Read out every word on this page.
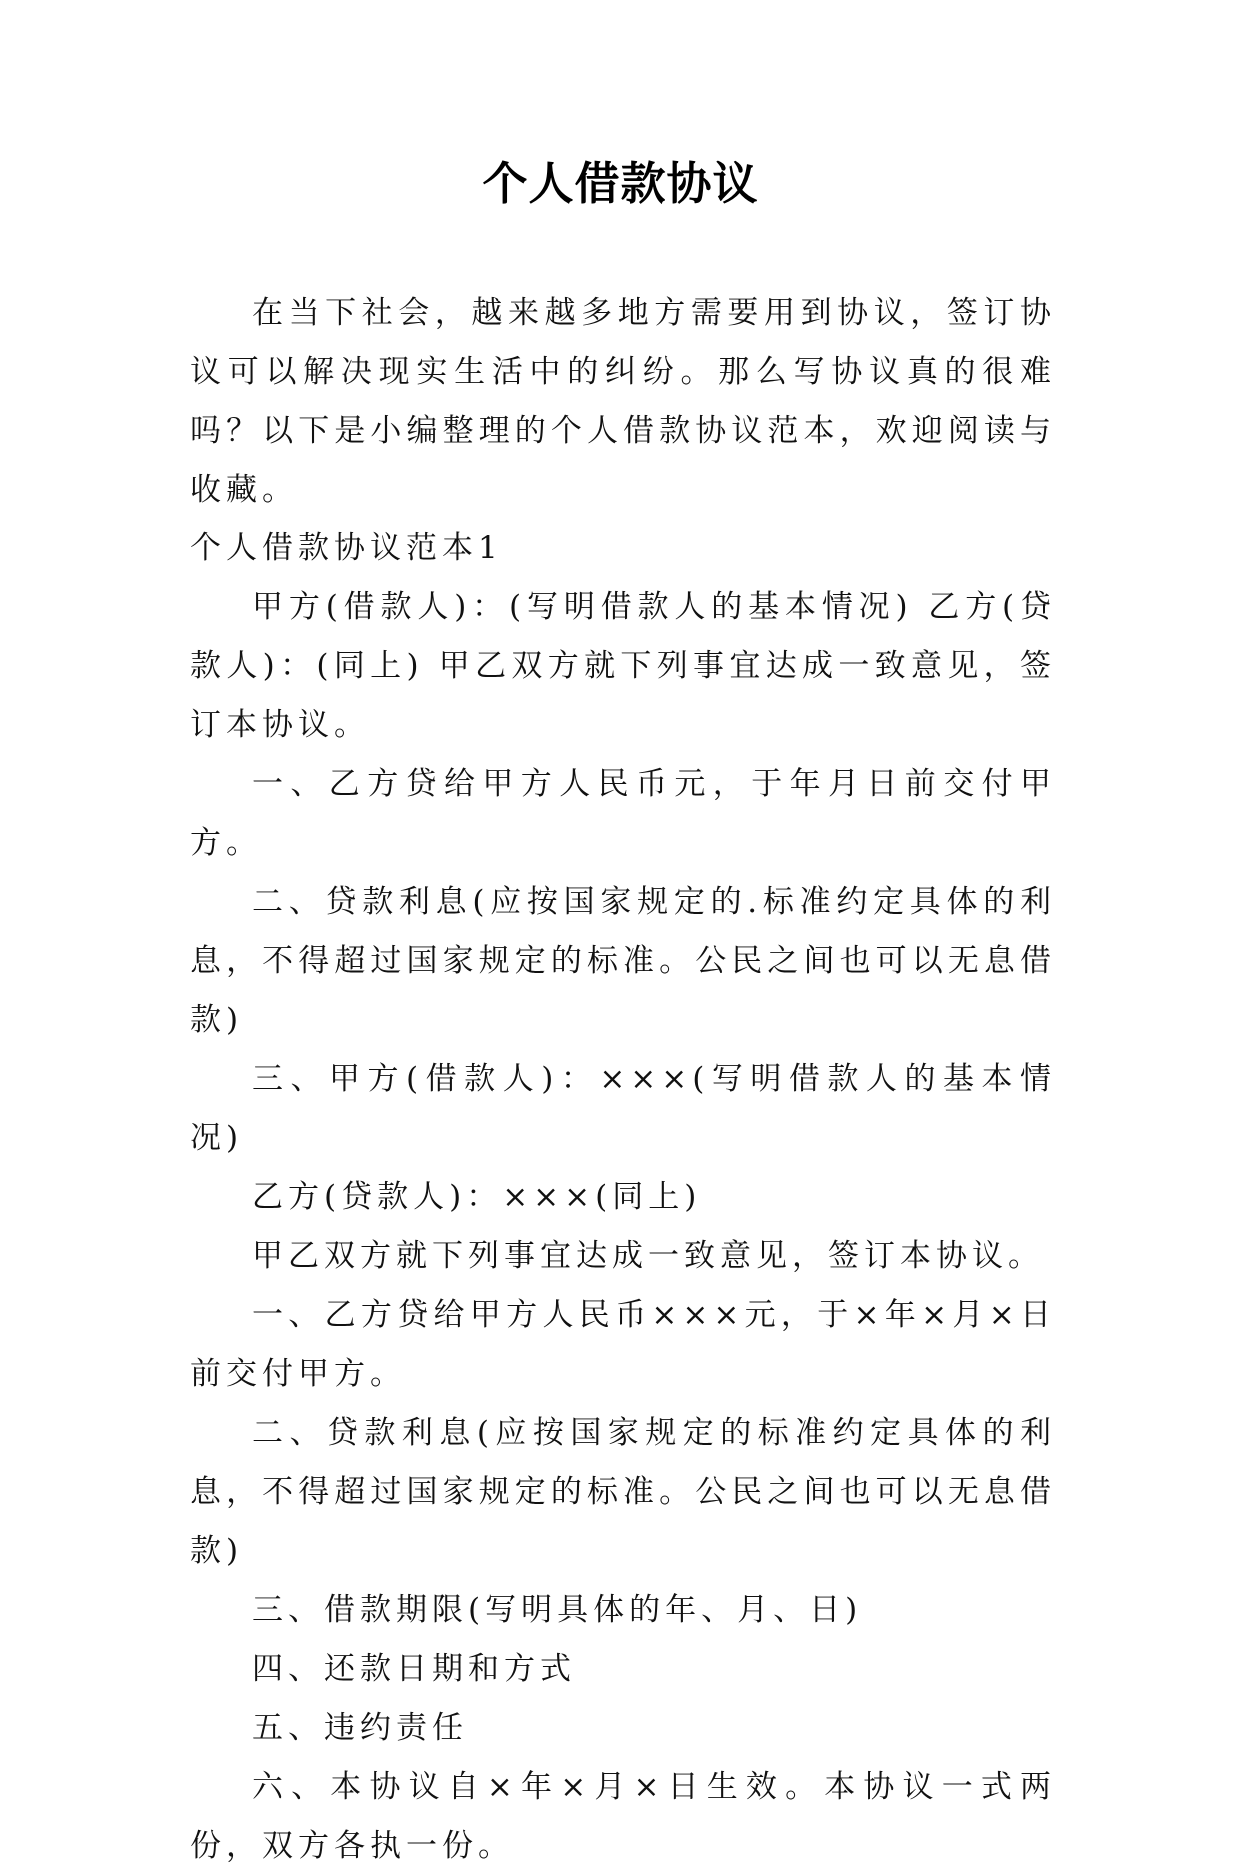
个人借款协议

在当下社会，越来越多地方需要用到协议，签订协议可以解决现实生活中的纠纷。那么写协议真的很难吗？以下是小编整理的个人借款协议范本，欢迎阅读与收藏。

个人借款协议范本1

甲方(借款人)：(写明借款人的基本情况) 乙方(贷款人)：(同上) 甲乙双方就下列事宜达成一致意见，签订本协议。

一、乙方贷给甲方人民币元，于年月日前交付甲方。

二、贷款利息(应按国家规定的.标准约定具体的利息，不得超过国家规定的标准。公民之间也可以无息借款)

三、甲方(借款人)：×××(写明借款人的基本情况)

乙方(贷款人)：×××(同上)

甲乙双方就下列事宜达成一致意见，签订本协议。

一、乙方贷给甲方人民币×××元，于×年×月×日前交付甲方。

二、贷款利息(应按国家规定的标准约定具体的利息，不得超过国家规定的标准。公民之间也可以无息借款)

三、借款期限(写明具体的年、月、日)

四、还款日期和方式

五、违约责任

六、本协议自×年×月×日生效。本协议一式两份，双方各执一份。
